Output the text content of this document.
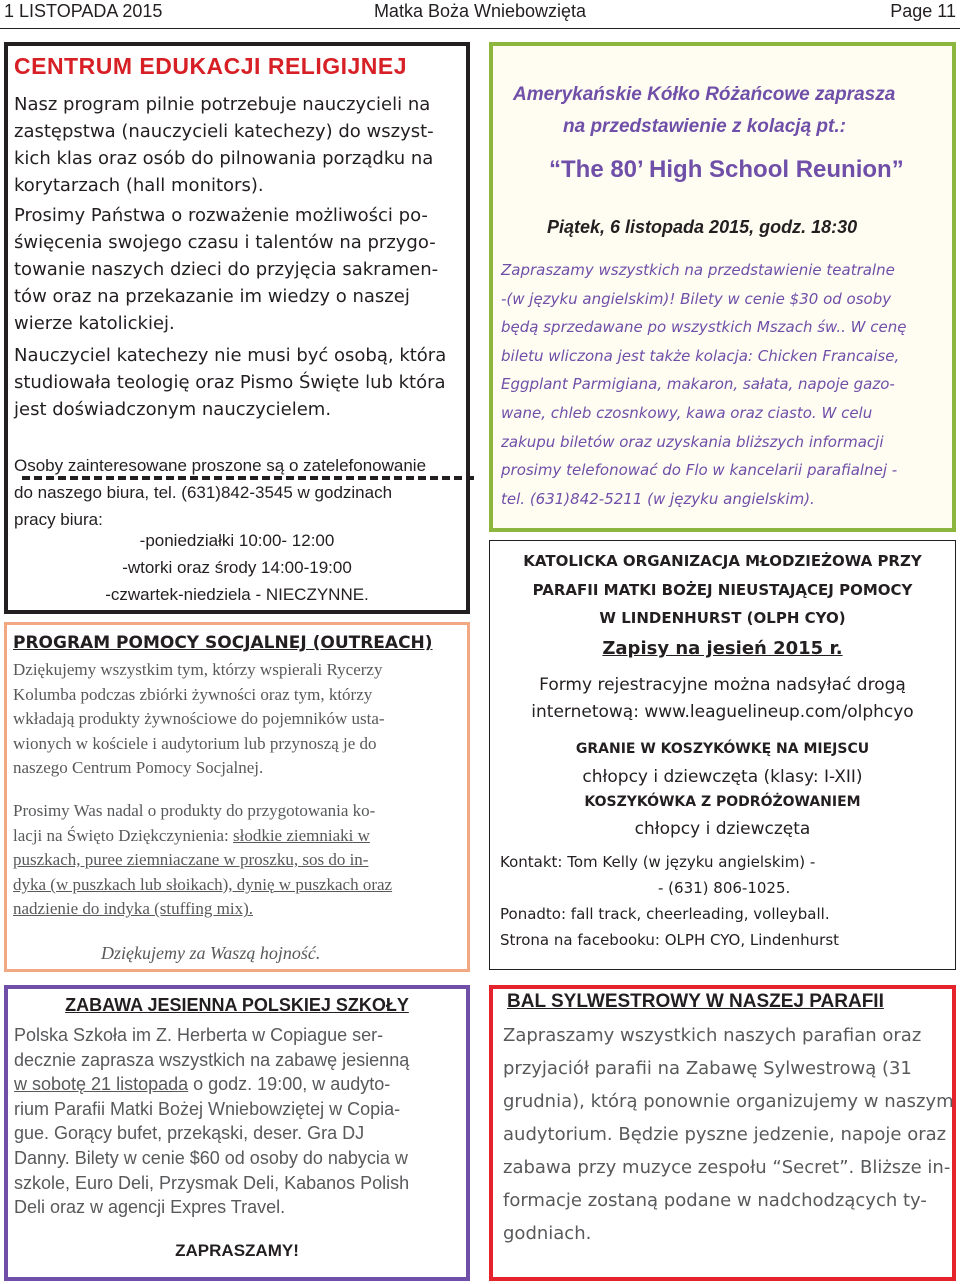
1 LISTOPADA 2015	Matka Boża Wniebowzięta	Page 11
CENTRUM EDUKACJI RELIGIJNEJ
Nasz program pilnie potrzebuje nauczycieli na
zastępstwa (nauczycieli katechezy) do wszyst-
kich klas oraz osób do pilnowania porządku na
korytarzach (hall monitors).
Prosimy Państwa o rozważenie możliwości po-
święcenia swojego czasu i talentów na przygo-
towanie naszych dzieci do przyjęcia sakramen-
tów oraz na przekazanie im wiedzy o naszej
wierze katolickiej.
Nauczyciel katechezy nie musi być osobą, która
studiowała teologię oraz Pismo Święte lub która
jest doświadczonym nauczycielem.
Osoby zainteresowane proszone są o zatelefonowanie
do naszego biura, tel. (631)842-3545 w godzinach
pracy biura:
-poniedziałki 10:00- 12:00
-wtorki oraz środy 14:00-19:00
-czwartek-niedziela - NIECZYNNE.
Amerykańskie Kółko Różańcowe zaprasza
na przedstawienie z kolacją pt.:
“The 80’ High School Reunion”
Piątek, 6 listopada 2015, godz. 18:30
Zapraszamy wszystkich na przedstawienie teatralne
-(w języku angielskim)! Bilety w cenie $30 od osoby
będą sprzedawane po wszystkich Mszach św.. W cenę
biletu wliczona jest także kolacja: Chicken Francaise,
Eggplant Parmigiana, makaron, sałata, napoje gazo-
wane, chleb czosnkowy, kawa oraz ciasto. W celu
zakupu biletów oraz uzyskania bliższych informacji
prosimy telefonować do Flo w kancelarii parafialnej -
tel. (631)842-5211 (w języku angielskim).
KATOLICKA ORGANIZACJA MŁODZIEŻOWA PRZY
PARAFII MATKI BOŻEJ NIEUSTAJĄCEJ POMOCY
W LINDENHURST (OLPH CYO)
Zapisy na jesień 2015 r.
Formy rejestracyjne można nadsyłać drogą
internetową: www.leaguelineup.com/olphcyo
GRANIE W KOSZYKÓWKĘ NA MIEJSCU
chłopcy i dziewczęta (klasy: I-XII)
KOSZYKÓWKA Z PODRÓŻOWANIEM
chłopcy i dziewczęta
Kontakt: Tom Kelly (w języku angielskim) -
- (631) 806-1025.
Ponadto: fall track, cheerleading, volleyball.
Strona na facebooku: OLPH CYO, Lindenhurst
PROGRAM POMOCY SOCJALNEJ (OUTREACH)
Dziękujemy wszystkim tym, którzy wspierali Rycerzy
Kolumba podczas zbiórki żywności oraz tym, którzy
wkładają produkty żywnościowe do pojemników usta-
wionych w kościele i audytorium lub przynoszą je do
naszego Centrum Pomocy Socjalnej.
Prosimy Was nadal o produkty do przygotowania ko-
lacji na Święto Dziękczynienia: słodkie ziemniaki w
puszkach, puree ziemniaczane w proszku, sos do in-
dyka (w puszkach lub słoikach), dynię w puszkach oraz
nadzienie do indyka (stuffing mix).
Dziękujemy za Waszą hojność.
ZABAWA JESIENNA POLSKIEJ SZKOŁY
Polska Szkoła im Z. Herberta w Copiague ser-
decznie zaprasza wszystkich na zabawę jesienną
w sobotę 21 listopada o godz. 19:00, w audyto-
rium Parafii Matki Bożej Wniebowziętej w Copia-
gue. Gorący bufet, przekąski, deser. Gra DJ
Danny. Bilety w cenie $60 od osoby do nabycia w
szkole, Euro Deli, Przysmak Deli, Kabanos Polish
Deli oraz w agencji Expres Travel.
ZAPRASZAMY!
BAL SYLWESTROWY W NASZEJ PARAFII
Zapraszamy wszystkich naszych parafian oraz
przyjaciół parafii na Zabawę Sylwestrową (31
grudnia), którą ponownie organizujemy w naszym
audytorium. Będzie pyszne jedzenie, napoje oraz
zabawa przy muzyce zespołu “Secret”. Bliższe in-
formacje zostaną podane w nadchodzących ty-
godniach.
